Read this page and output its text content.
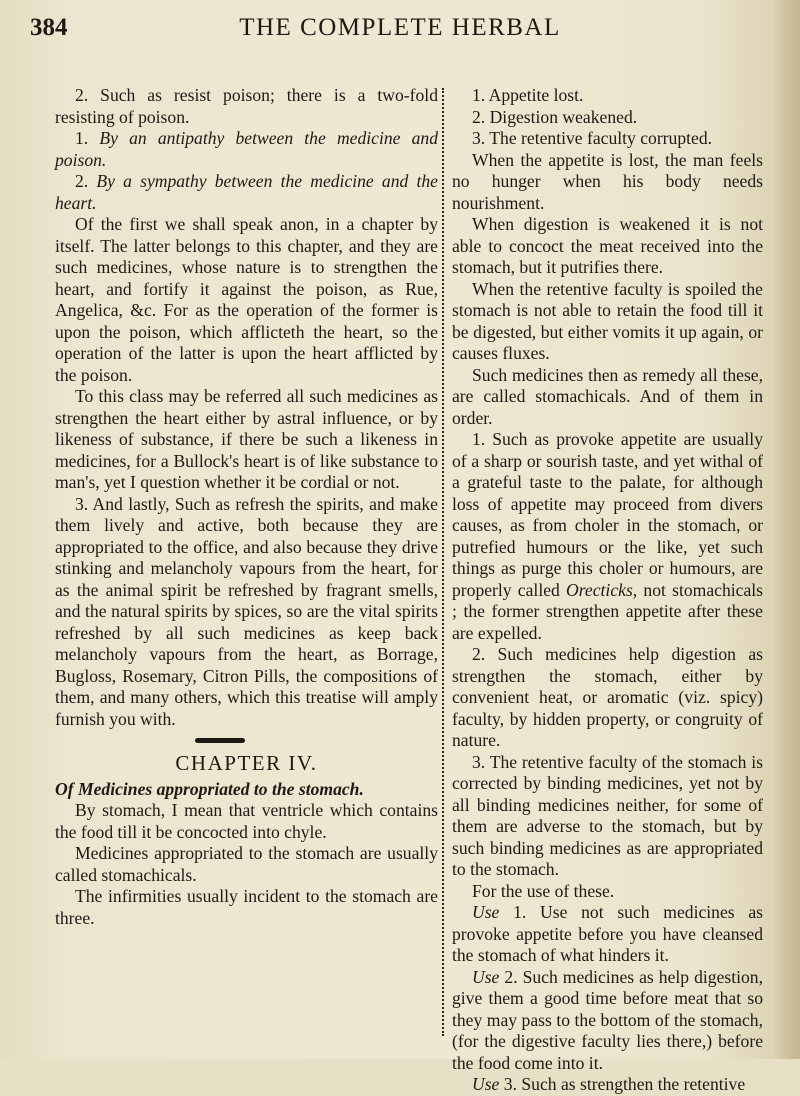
THE COMPLETE HERBAL
384

2. Such as resist poison; there is a two-fold resisting of poison.

1. By an antipathy between the medicine and poison.

2. By a sympathy between the medicine and the heart.

Of the first we shall speak anon, in a chapter by itself. The latter belongs to this chapter, and they are such medicines, whose nature is to strengthen the heart, and fortify it against the poison, as Rue, Angelica, &c. For as the operation of the former is upon the poison, which afflicteth the heart, so the operation of the latter is upon the heart afflicted by the poison.

To this class may be referred all such medicines as strengthen the heart either by astral influence, or by likeness of substance, if there be such a likeness in medicines, for a Bullock's heart is of like substance to man's, yet I question whether it be cordial or not.

3. And lastly, Such as refresh the spirits, and make them lively and active, both because they are appropriated to the office, and also because they drive stinking and melancholy vapours from the heart, for as the animal spirit be refreshed by fragrant smells, and the natural spirits by spices, so are the vital spirits refreshed by all such medicines as keep back melancholy vapours from the heart, as Borrage, Bugloss, Rosemary, Citron Pills, the compositions of them, and many others, which this treatise will amply furnish you with.

CHAPTER IV.

Of Medicines appropriated to the stomach.

By stomach, I mean that ventricle which contains the food till it be concocted into chyle.

Medicines appropriated to the stomach are usually called stomachicals.

The infirmities usually incident to the stomach are three.

1. Appetite lost.

2. Digestion weakened.

3. The retentive faculty corrupted.

When the appetite is lost, the man feels no hunger when his body needs nourishment.

When digestion is weakened it is not able to concoct the meat received into the stomach, but it putrifies there.

When the retentive faculty is spoiled the stomach is not able to retain the food till it be digested, but either vomits it up again, or causes fluxes.

Such medicines then as remedy all these, are called stomachicals. And of them in order.

1. Such as provoke appetite are usually of a sharp or sourish taste, and yet withal of a grateful taste to the palate, for although loss of appetite may proceed from divers causes, as from choler in the stomach, or putrefied humours or the like, yet such things as purge this choler or humours, are properly called Orecticks, not stomachicals ; the former strengthen appetite after these are expelled.

2. Such medicines help digestion as strengthen the stomach, either by convenient heat, or aromatic (viz. spicy) faculty, by hidden property, or congruity of nature.

3. The retentive faculty of the stomach is corrected by binding medicines, yet not by all binding medicines neither, for some of them are adverse to the stomach, but by such binding medicines as are appropriated to the stomach.

For the use of these.

Use 1. Use not such medicines as provoke appetite before you have cleansed the stomach of what hinders it.

Use 2. Such medicines as help digestion, give them a good time before meat that so they may pass to the bottom of the stomach, (for the digestive faculty lies there,) before the food come into it.

Use 3. Such as strengthen the retentive
